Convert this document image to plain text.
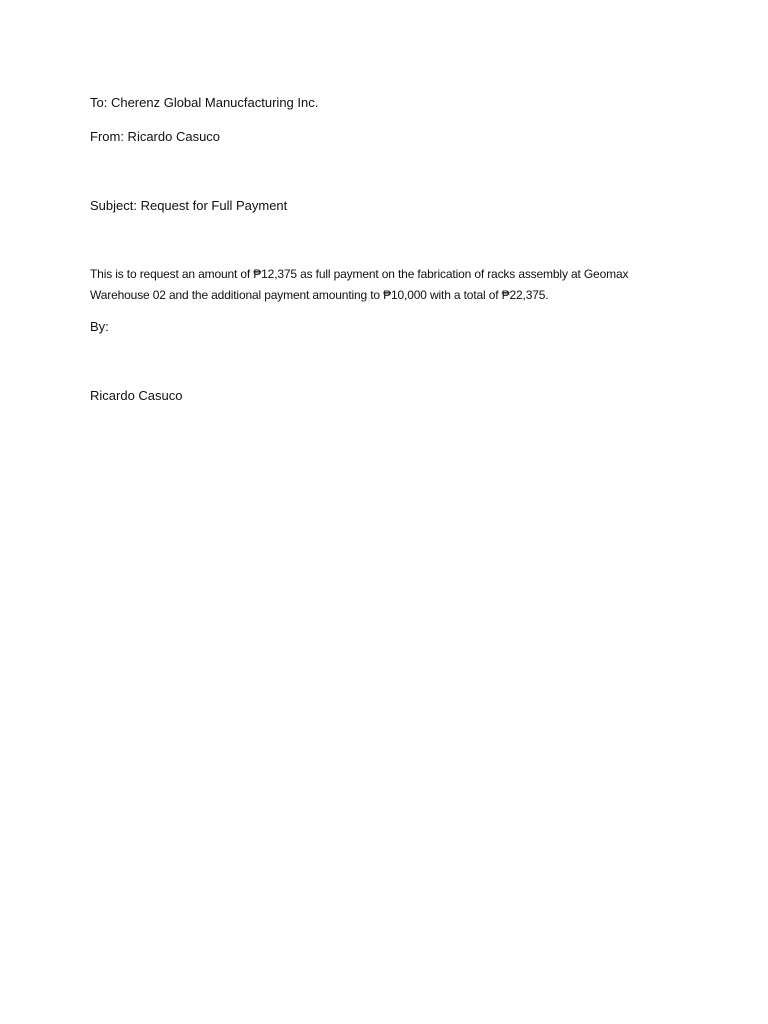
To: Cherenz Global Manucfacturing Inc.

From: Ricardo Casuco

Subject: Request for Full Payment

This is to request an amount of ₱12,375 as full payment on the fabrication of racks assembly at Geomax
Warehouse 02 and the additional payment amounting to ₱10,000 with a total of ₱22,375.

By:

Ricardo Casuco
